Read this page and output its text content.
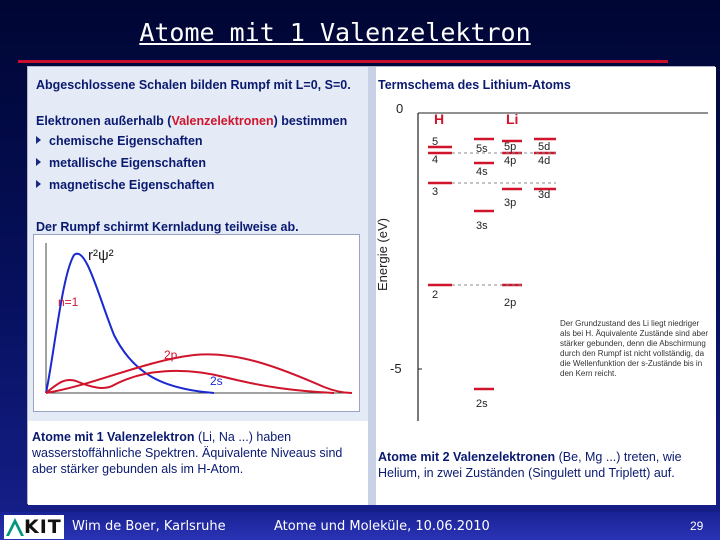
Atome mit 1 Valenzelektron
Abgeschlossene Schalen bilden Rumpf mit L=0, S=0.
Elektronen außerhalb (Valenzelektronen) bestimmen
chemische Eigenschaften
metallische Eigenschaften
magnetische Eigenschaften
Der Rumpf schirmt Kernladung teilweise ab.
r²ψ²
n=1
2p
2s
Termschema des Lithium-Atoms
0
-5
Energie (eV)
H	Li
5
4
3
2
5s
4s
3s
2s
5p
4p
3p
2p
5d
4d
3d
Der Grundzustand des Li liegt niedriger als bei H. Äquivalente Zustände sind aber stärker gebunden, denn die Abschirmung durch den Rumpf ist nicht vollständig, da die Wellenfunktion der s-Zustände bis in den Kern reicht.
Atome mit 1 Valenzelektron (Li, Na ...) haben wasserstoffähnliche Spektren. Äquivalente Niveaus sind aber stärker gebunden als im H-Atom.
Atome mit 2 Valenzelektronen (Be, Mg ...) treten, wie Helium, in zwei Zuständen (Singulett und Triplett) auf.
KIT Wim de Boer, Karlsruhe	Atome und Moleküle, 10.06.2010	29
